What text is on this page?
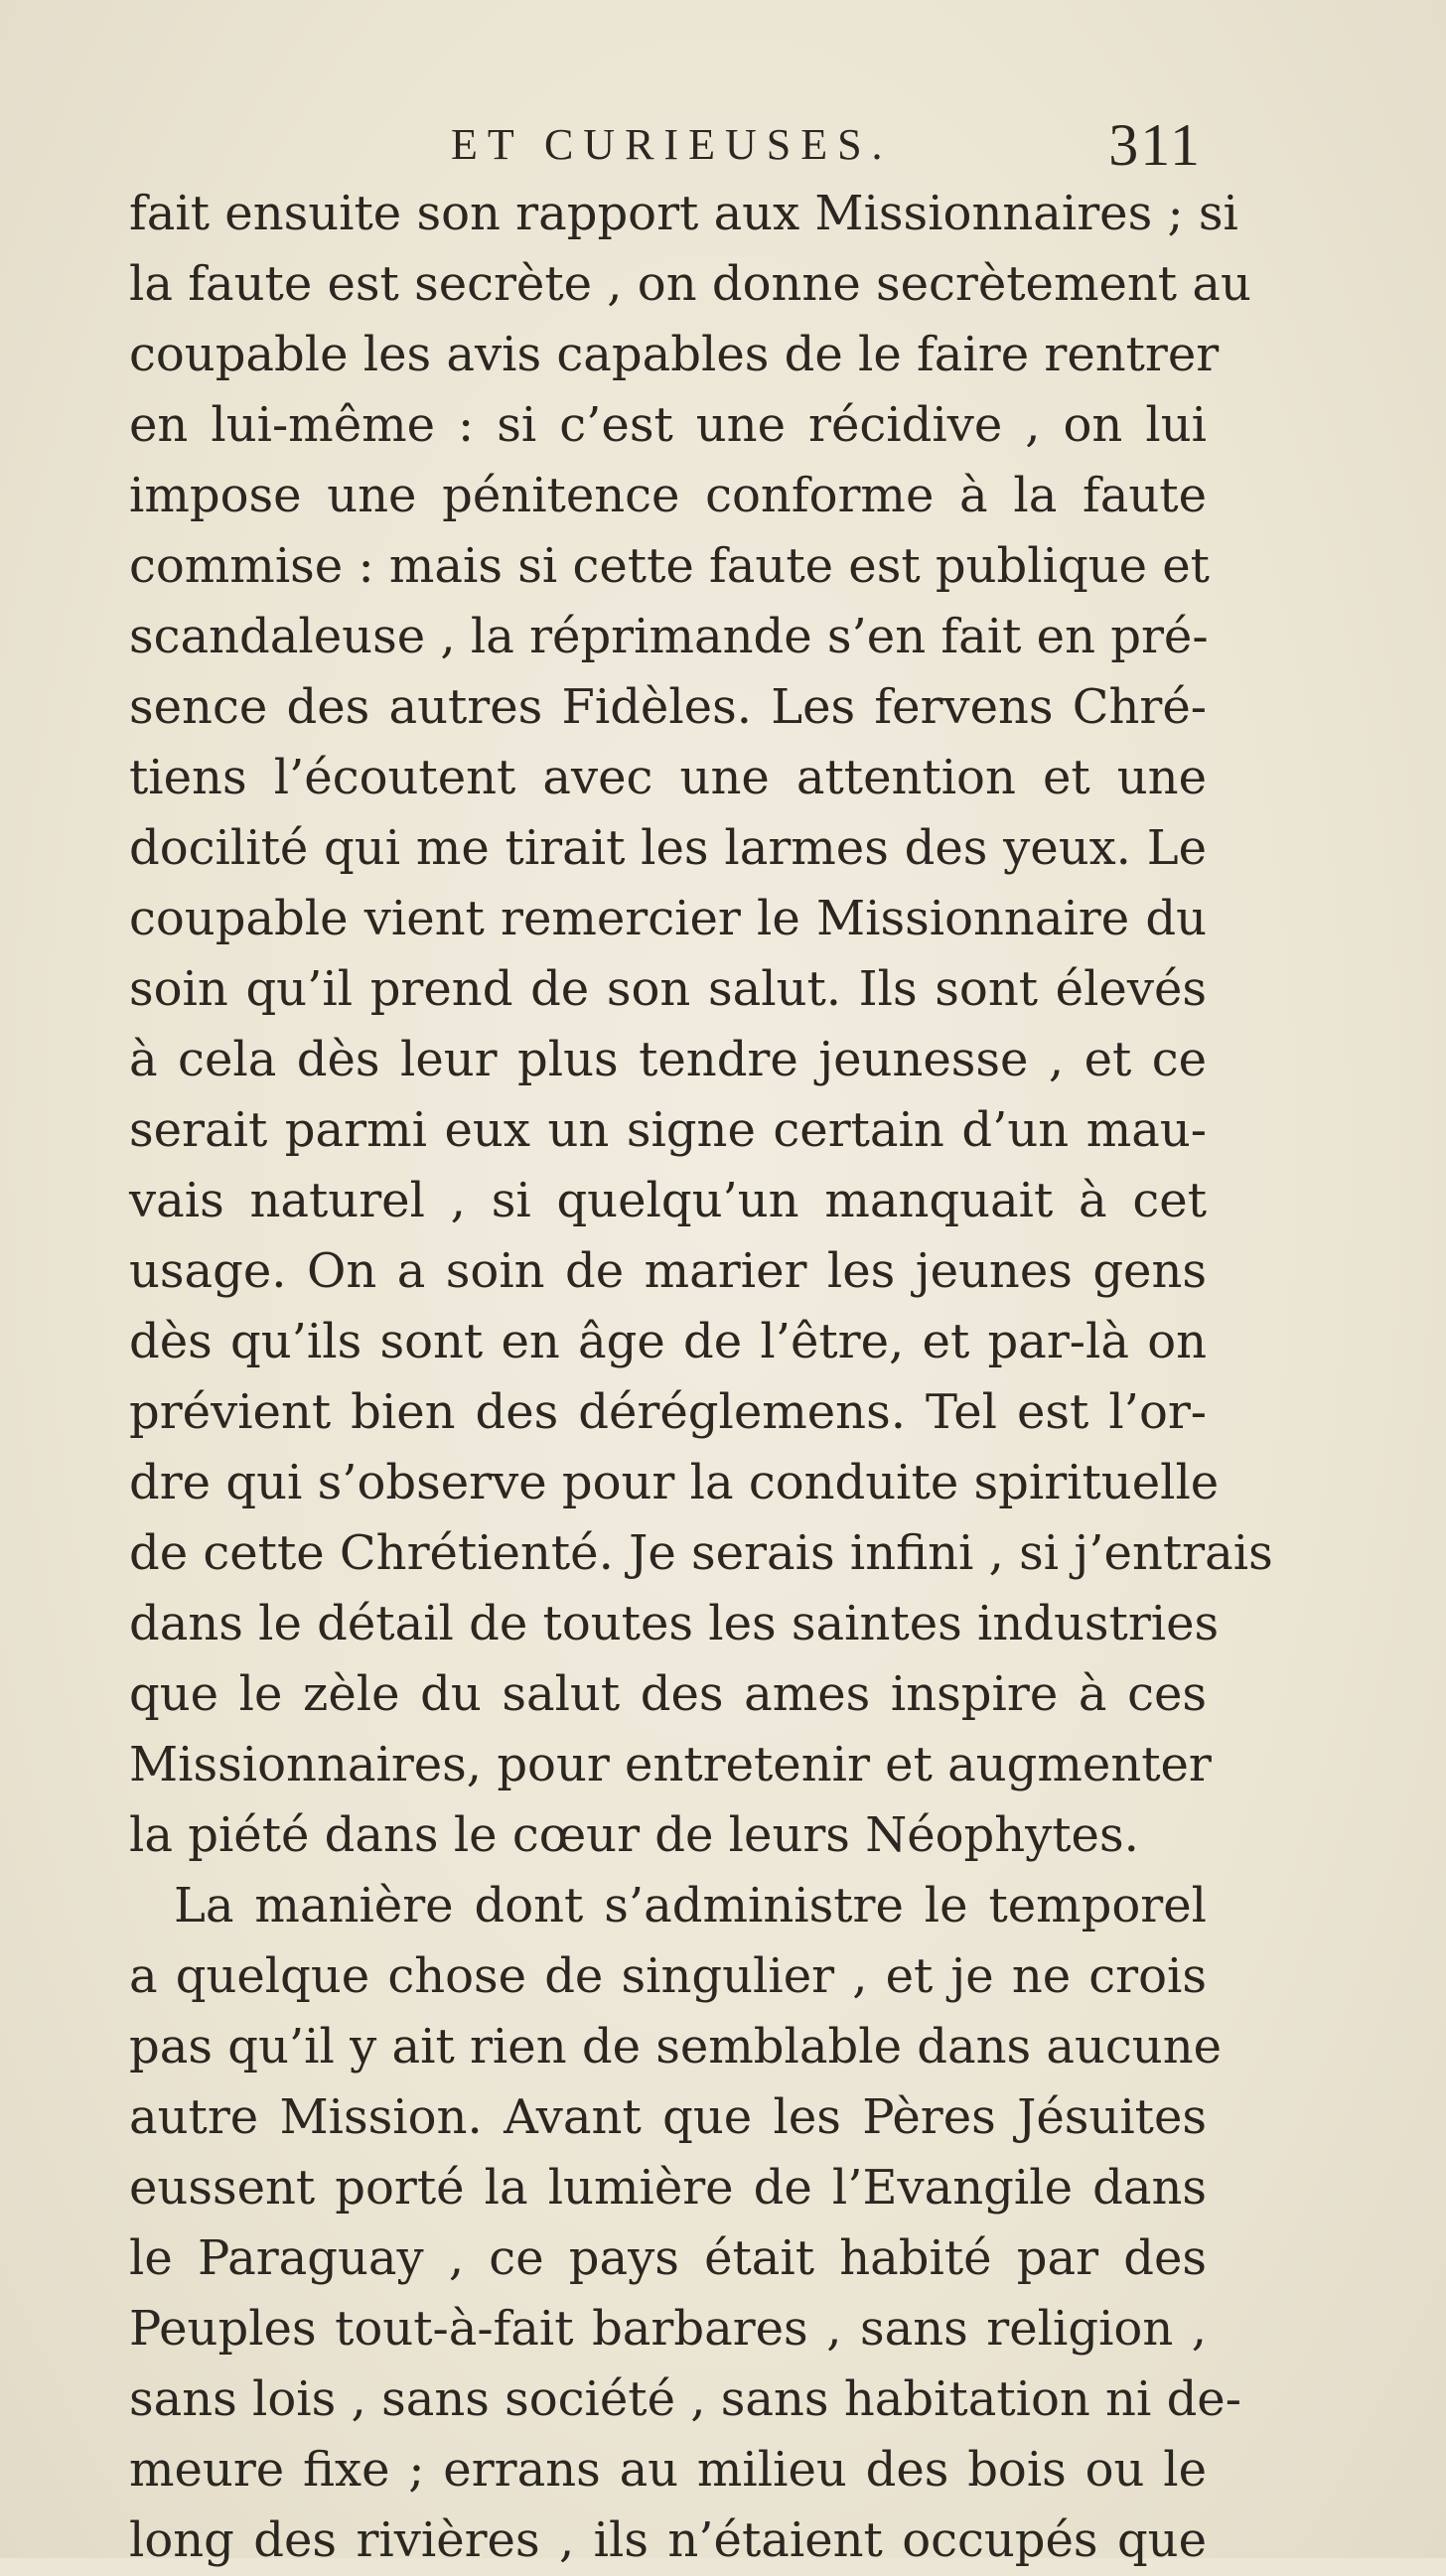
ET CURIEUSES.	311
fait ensuite son rapport aux Missionnaires ; si
la faute est secrète , on donne secrètement au
coupable les avis capables de le faire rentrer
en lui-même : si c’est une récidive , on lui
impose une pénitence conforme à la faute
commise : mais si cette faute est publique et
scandaleuse , la réprimande s’en fait en pré-
sence des autres Fidèles. Les fervens Chré-
tiens l’écoutent avec une attention et une
docilité qui me tirait les larmes des yeux. Le
coupable vient remercier le Missionnaire du
soin qu’il prend de son salut. Ils sont élevés
à cela dès leur plus tendre jeunesse , et ce
serait parmi eux un signe certain d’un mau-
vais naturel , si quelqu’un manquait à cet
usage. On a soin de marier les jeunes gens
dès qu’ils sont en âge de l’être, et par-là on
prévient bien des déréglemens. Tel est l’or-
dre qui s’observe pour la conduite spirituelle
de cette Chrétienté. Je serais infini , si j’entrais
dans le détail de toutes les saintes industries
que le zèle du salut des ames inspire à ces
Missionnaires, pour entretenir et augmenter
la piété dans le cœur de leurs Néophytes.
La manière dont s’administre le temporel
a quelque chose de singulier , et je ne crois
pas qu’il y ait rien de semblable dans aucune
autre Mission. Avant que les Pères Jésuites
eussent porté la lumière de l’Evangile dans
le Paraguay , ce pays était habité par des
Peuples tout-à-fait barbares , sans religion ,
sans lois , sans société , sans habitation ni de-
meure fixe ; errans au milieu des bois ou le
long des rivières , ils n’étaient occupés que
